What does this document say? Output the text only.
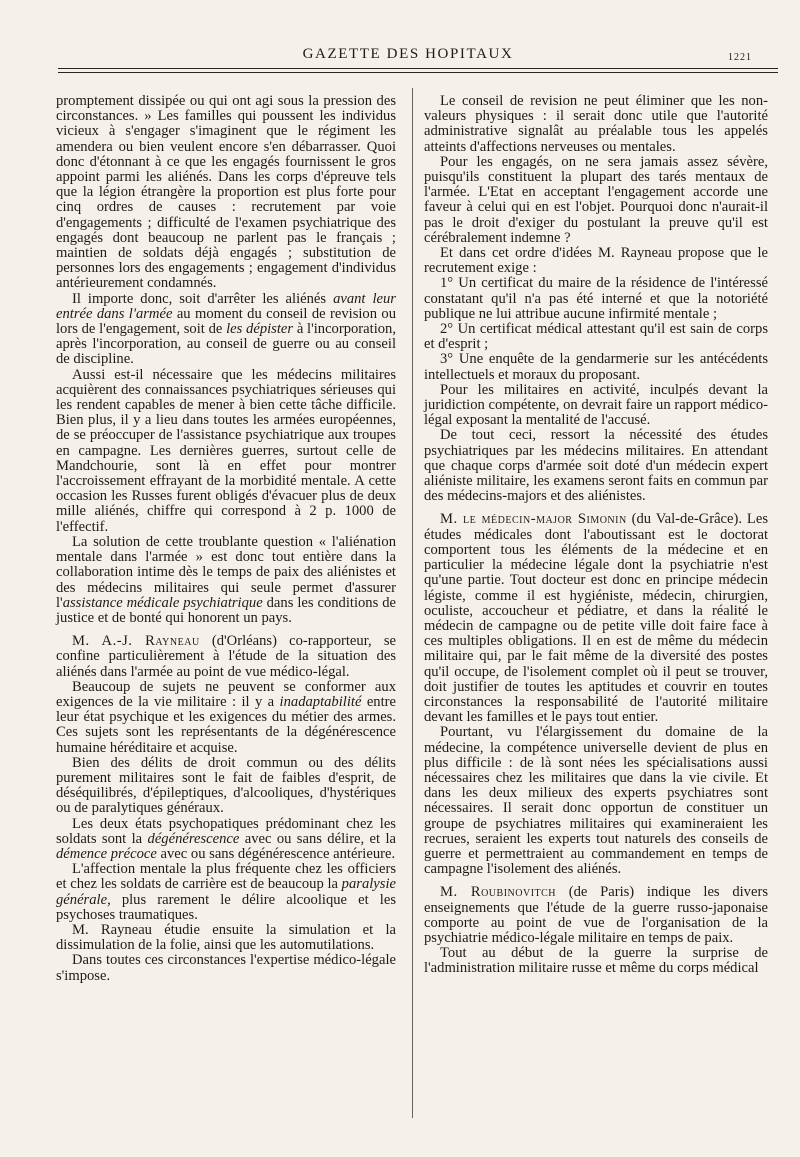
GAZETTE DES HOPITAUX	1221

promptement dissipée ou qui ont agi sous la pression des circonstances. » Les familles qui poussent les individus vicieux à s'engager s'imaginent que le régiment les amendera ou bien veulent encore s'en débarrasser. Quoi donc d'étonnant à ce que les engagés fournissent le gros appoint parmi les aliénés. Dans les corps d'épreuve tels que la légion étrangère la proportion est plus forte pour cinq ordres de causes : recrutement par voie d'engagements ; difficulté de l'examen psychiatrique des engagés dont beaucoup ne parlent pas le français ; maintien de soldats déjà engagés ; substitution de personnes lors des engagements ; engagement d'individus antérieurement condamnés.

Il importe donc, soit d'arrêter les aliénés avant leur entrée dans l'armée au moment du conseil de revision ou lors de l'engagement, soit de les dépister à l'incorporation, après l'incorporation, au conseil de guerre ou au conseil de discipline.

Aussi est-il nécessaire que les médecins militaires acquièrent des connaissances psychiatriques sérieuses qui les rendent capables de mener à bien cette tâche difficile. Bien plus, il y a lieu dans toutes les armées européennes, de se préoccuper de l'assistance psychiatrique aux troupes en campagne. Les dernières guerres, surtout celle de Mandchourie, sont là en effet pour montrer l'accroissement effrayant de la morbidité mentale. A cette occasion les Russes furent obligés d'évacuer plus de deux mille aliénés, chiffre qui correspond à 2 p. 1000 de l'effectif.

La solution de cette troublante question « l'aliénation mentale dans l'armée » est donc tout entière dans la collaboration intime dès le temps de paix des aliénistes et des médecins militaires qui seule permet d'assurer l'assistance médicale psychiatrique dans les conditions de justice et de bonté qui honorent un pays.

M. A.-J. Rayneau (d'Orléans) co-rapporteur, se confine particulièrement à l'étude de la situation des aliénés dans l'armée au point de vue médico-légal.

Beaucoup de sujets ne peuvent se conformer aux exigences de la vie militaire : il y a inadaptabilité entre leur état psychique et les exigences du métier des armes. Ces sujets sont les représentants de la dégénérescence humaine héréditaire et acquise.

Bien des délits de droit commun ou des délits purement militaires sont le fait de faibles d'esprit, de déséquilibrés, d'épileptiques, d'alcooliques, d'hystériques ou de paralytiques généraux.

Les deux états psychopatiques prédominant chez les soldats sont la dégénérescence avec ou sans délire, et la démence précoce avec ou sans dégénérescence antérieure.

L'affection mentale la plus fréquente chez les officiers et chez les soldats de carrière est de beaucoup la paralysie générale, plus rarement le délire alcoolique et les psychoses traumatiques.

M. Rayneau étudie ensuite la simulation et la dissimulation de la folie, ainsi que les automutilations.

Dans toutes ces circonstances l'expertise médico-légale s'impose.

Le conseil de revision ne peut éliminer que les non-valeurs physiques : il serait donc utile que l'autorité administrative signalât au préalable tous les appelés atteints d'affections nerveuses ou mentales.

Pour les engagés, on ne sera jamais assez sévère, puisqu'ils constituent la plupart des tarés mentaux de l'armée. L'Etat en acceptant l'engagement accorde une faveur à celui qui en est l'objet. Pourquoi donc n'aurait-il pas le droit d'exiger du postulant la preuve qu'il est cérébralement indemne ?

Et dans cet ordre d'idées M. Rayneau propose que le recrutement exige :

1° Un certificat du maire de la résidence de l'intéressé constatant qu'il n'a pas été interné et que la notoriété publique ne lui attribue aucune infirmité mentale ;

2° Un certificat médical attestant qu'il est sain de corps et d'esprit ;

3° Une enquête de la gendarmerie sur les antécédents intellectuels et moraux du proposant.

Pour les militaires en activité, inculpés devant la juridiction compétente, on devrait faire un rapport médico-légal exposant la mentalité de l'accusé.

De tout ceci, ressort la nécessité des études psychiatriques par les médecins militaires. En attendant que chaque corps d'armée soit doté d'un médecin expert aliéniste militaire, les examens seront faits en commun par des médecins-majors et des aliénistes.

M. le médecin-major Simonin (du Val-de-Grâce). Les études médicales dont l'aboutissant est le doctorat comportent tous les éléments de la médecine et en particulier la médecine légale dont la psychiatrie n'est qu'une partie. Tout docteur est donc en principe médecin légiste, comme il est hygiéniste, médecin, chirurgien, oculiste, accoucheur et pédiatre, et dans la réalité le médecin de campagne ou de petite ville doit faire face à ces multiples obligations. Il en est de même du médecin militaire qui, par le fait même de la diversité des postes qu'il occupe, de l'isolement complet où il peut se trouver, doit justifier de toutes les aptitudes et couvrir en toutes circonstances la responsabilité de l'autorité militaire devant les familles et le pays tout entier.

Pourtant, vu l'élargissement du domaine de la médecine, la compétence universelle devient de plus en plus difficile : de là sont nées les spécialisations aussi nécessaires chez les militaires que dans la vie civile. Et dans les deux milieux des experts psychiatres sont nécessaires. Il serait donc opportun de constituer un groupe de psychiatres militaires qui examineraient les recrues, seraient les experts tout naturels des conseils de guerre et permettraient au commandement en temps de campagne l'isolement des aliénés.

M. Roubinovitch (de Paris) indique les divers enseignements que l'étude de la guerre russo-japonaise comporte au point de vue de l'organisation de la psychiatrie médico-légale militaire en temps de paix.

Tout au début de la guerre la surprise de l'administration militaire russe et même du corps médical
